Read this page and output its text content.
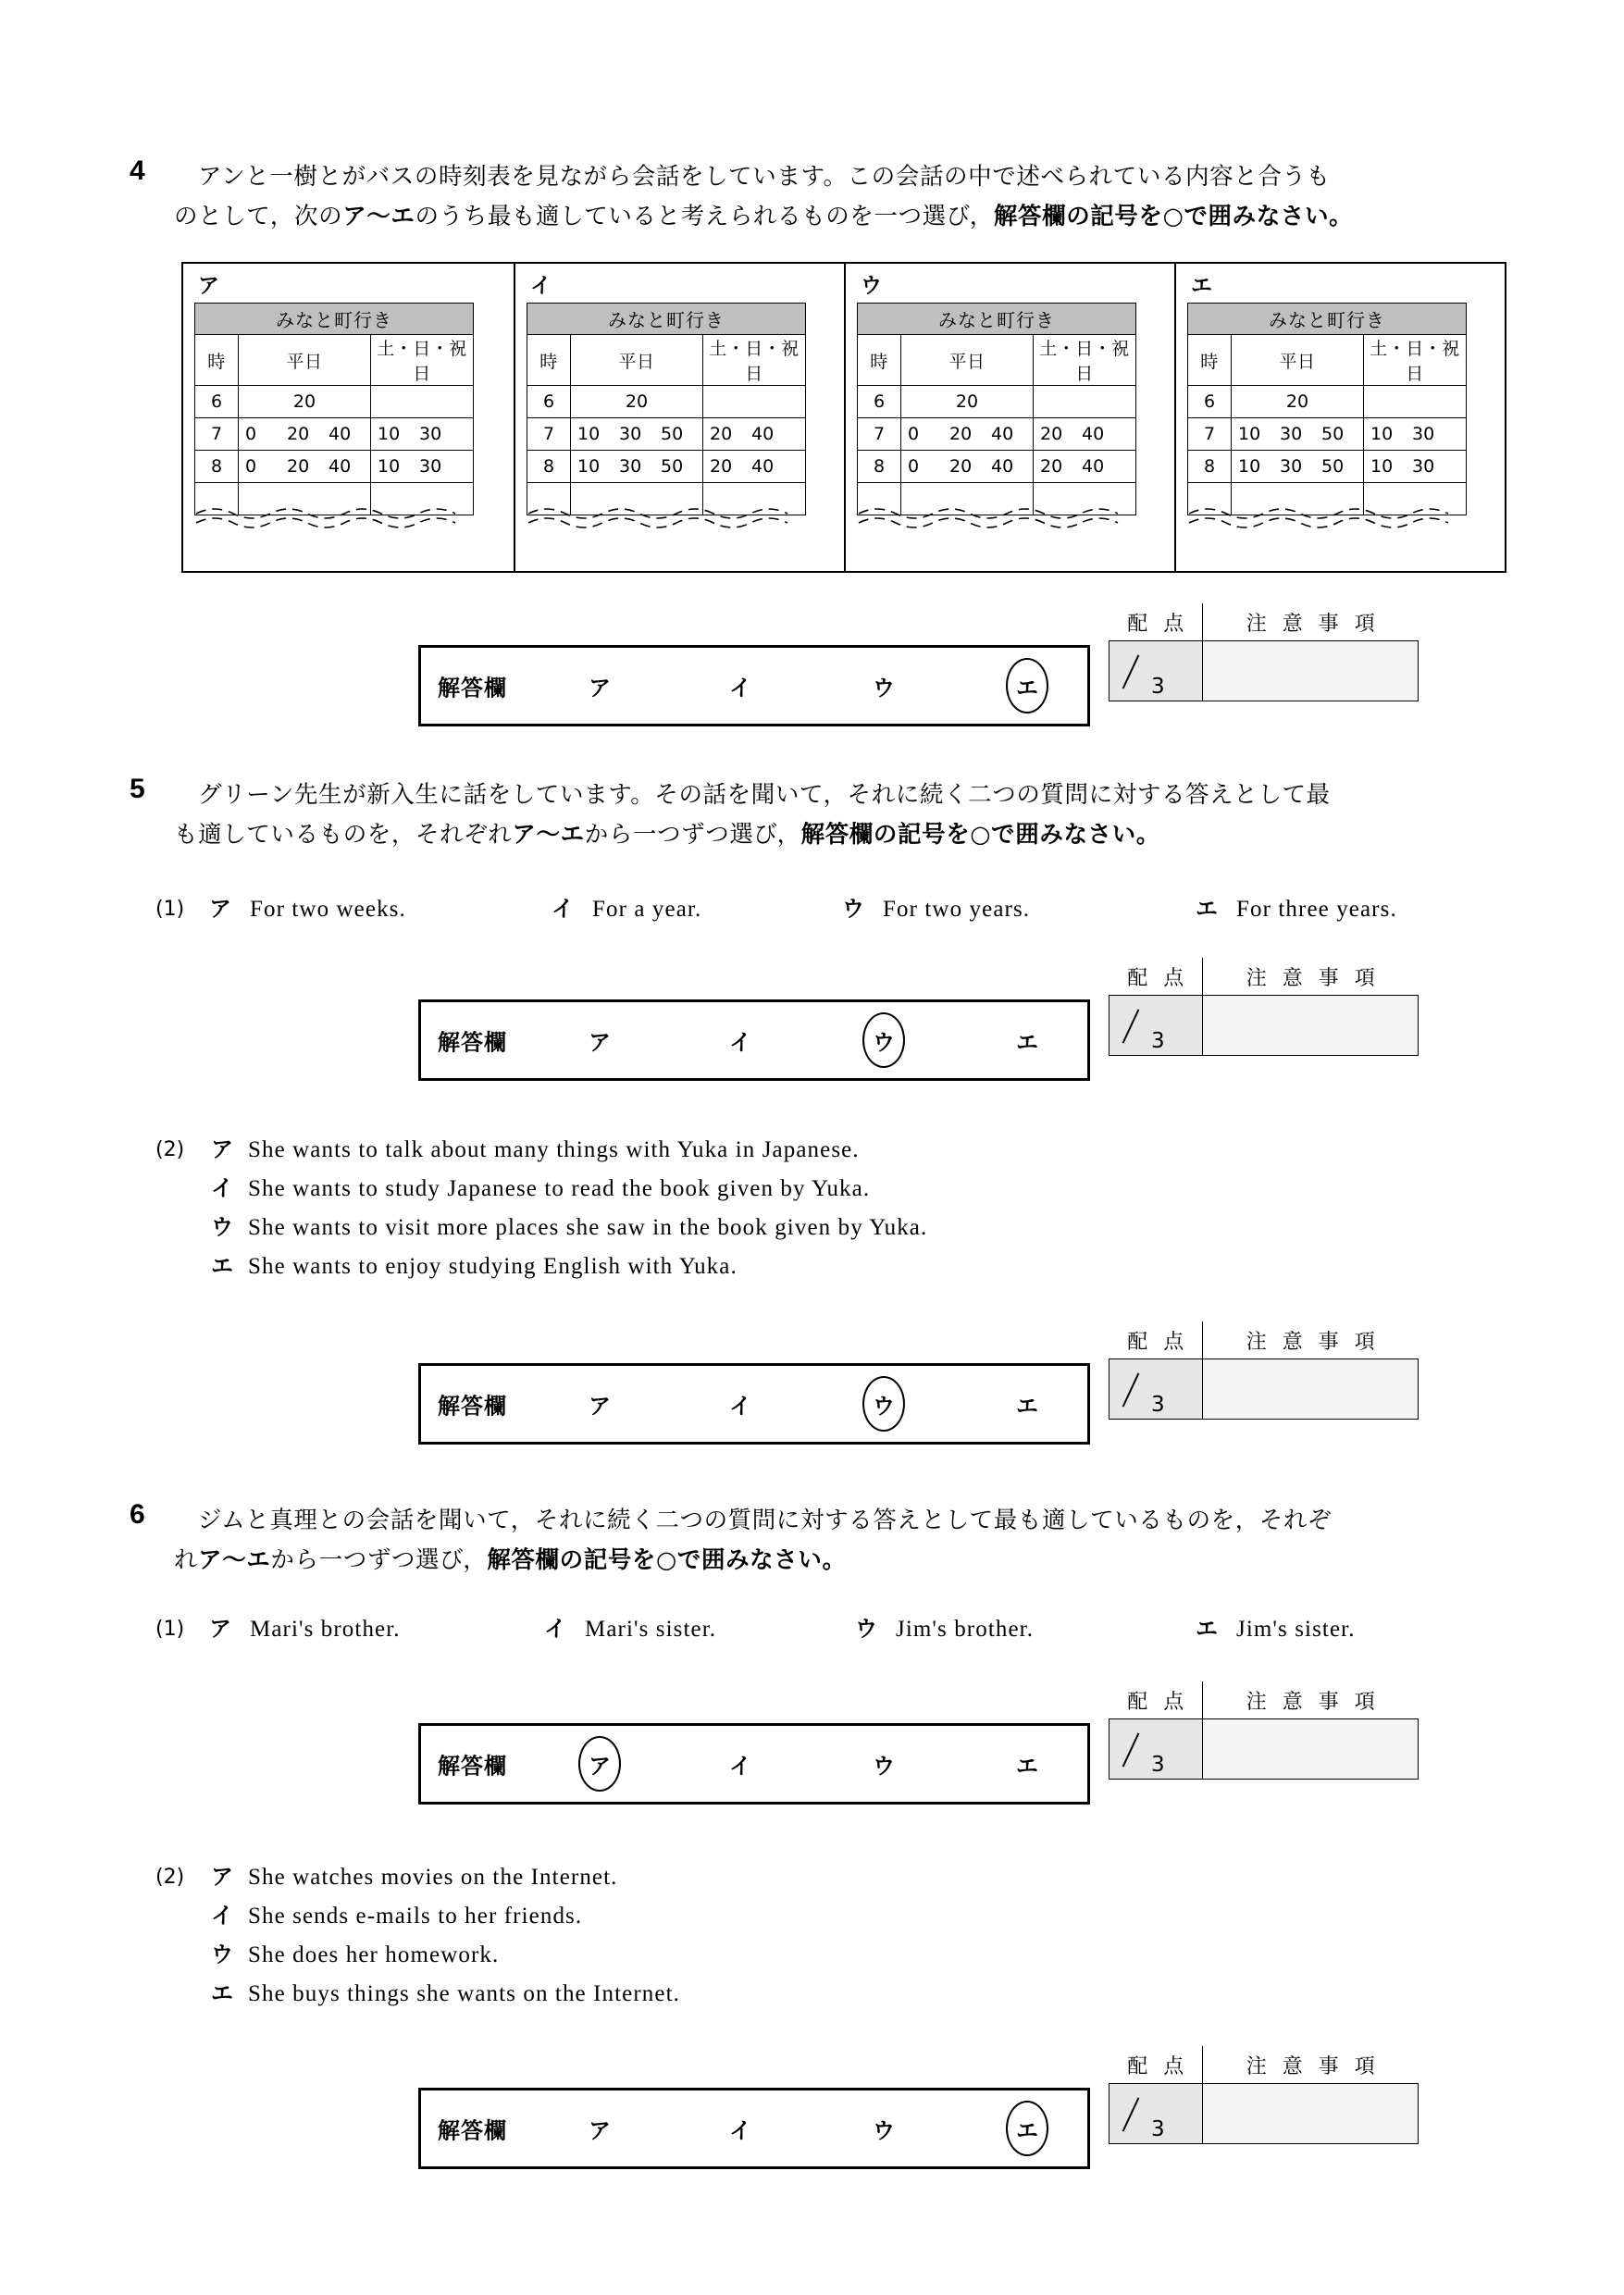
4	アンと一樹とがバスの時刻表を見ながら会話をしています。この会話の中で述べられている内容と合うも
のとして，次のア～エのうち最も適していると考えられるものを一つ選び，解答欄の記号を○で囲みなさい。
ア
みなと町行き		
時	平日	土・日・祝日
6	20	

7	0 20 40	10 30

8	0 20 40	10 30

イ
みなと町行き		
時	平日	土・日・祝日
6	20	

7	10 30 50	20 40

8	10 30 50	20 40

ウ
みなと町行き		
時	平日	土・日・祝日
6	20	

7	0 20 40	20 40

8	0 20 40	20 40

エ
みなと町行き		
時	平日	土・日・祝日
6	20	

7	10 30 50	10 30

8	10 30 50	10 30

解答欄	ア	イ	ウ	エ
配 点	注 意 事 項

3	

5	グリーン先生が新入生に話をしています。その話を聞いて，それに続く二つの質問に対する答えとして最
も適しているものを，それぞれア～エから一つずつ選び，解答欄の記号を○で囲みなさい。
(1) ア For two weeks.	イ For a year.	ウ For two years.	エ For three years.
解答欄	ア	イ	ウ	エ
配 点	注 意 事 項

3	

(2) ア She wants to talk about many things with Yuka in Japanese.
イ She wants to study Japanese to read the book given by Yuka.
ウ She wants to visit more places she saw in the book given by Yuka.
エ She wants to enjoy studying English with Yuka.
解答欄	ア	イ	ウ	エ
配 点	注 意 事 項

3	

6	ジムと真理との会話を聞いて，それに続く二つの質問に対する答えとして最も適しているものを，それぞ
れア～エから一つずつ選び，解答欄の記号を○で囲みなさい。
(1) ア Mari's brother.	イ Mari's sister.	ウ Jim's brother.	エ Jim's sister.
解答欄	ア	イ	ウ	エ
配 点	注 意 事 項

3	

(2) ア She watches movies on the Internet.
イ She sends e-mails to her friends.
ウ She does her homework.
エ She buys things she wants on the Internet.
解答欄	ア	イ	ウ	エ
配 点	注 意 事 項

3	
